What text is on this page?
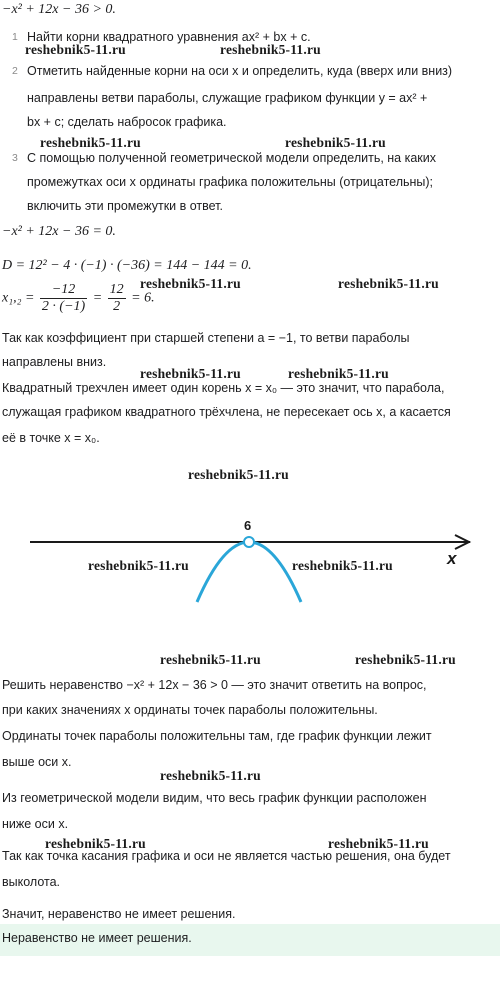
−x² + 12x − 36 > 0.
1 Найти корни квадратного уравнения ax² + bx + c.
2 Отметить найденные корни на оси x и определить, куда (вверх или вниз)
направлены ветви параболы, служащие графиком функции y = ax² +
bx + c; сделать набросок графика.
3 С помощью полученной геометрической модели определить, на каких
промежутках оси x ординаты графика положительны (отрицательны);
включить эти промежутки в ответ.
−x² + 12x − 36 = 0.
D = 12² − 4 · (−1) · (−36) = 144 − 144 = 0.
$x_1,_2 = \frac{-12}{2 \cdot (-1)} = \frac{12}{2} = 6$.
Так как коэффициент при старшей степени a = −1, то ветви параболы
направлены вниз.
Квадратный трехчлен имеет один корень x = x₀ — это значит, что парабола,
служащая графиком квадратного трёхчлена, не пересекает ось x, а касается
её в точке x = x₀.
6
x
Решить неравенство −x² + 12x − 36 > 0 — это значит ответить на вопрос,
при каких значениях x ординаты точек параболы положительны.
Ординаты точек параболы положительны там, где график функции лежит
выше оси x.
Из геометрической модели видим, что весь график функции расположен
ниже оси x.
Так как точка касания графика и оси не является частью решения, она будет
выколота.
Значит, неравенство не имеет решения.
Неравенство не имеет решения.
reshebnik5-11.ru	reshebnik5-11.ru
reshebnik5-11.ru	reshebnik5-11.ru
reshebnik5-11.ru	reshebnik5-11.ru
reshebnik5-11.ru	reshebnik5-11.ru
reshebnik5-11.ru
reshebnik5-11.ru	reshebnik5-11.ru
reshebnik5-11.ru	reshebnik5-11.ru
reshebnik5-11.ru
reshebnik5-11.ru	reshebnik5-11.ru
